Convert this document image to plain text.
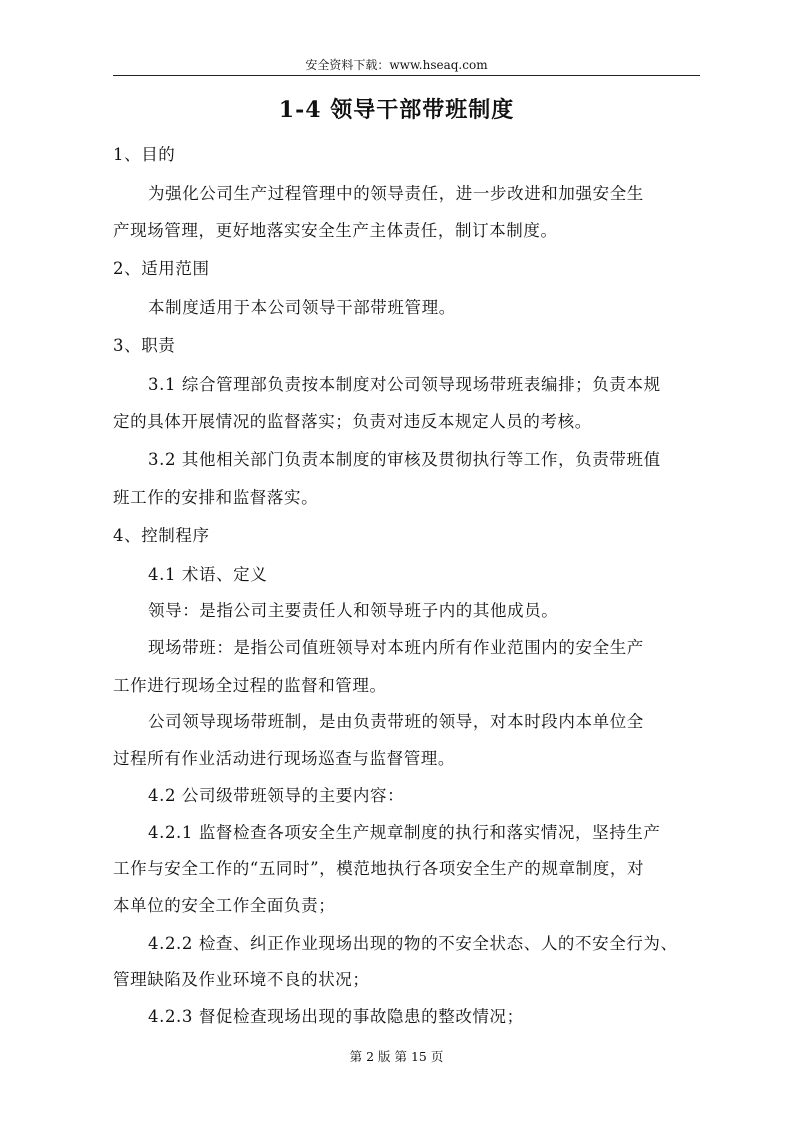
安全资料下载：www.hseaq.com
1-4 领导干部带班制度
1、目的
为强化公司生产过程管理中的领导责任，进一步改进和加强安全生
产现场管理，更好地落实安全生产主体责任，制订本制度。
2、适用范围
本制度适用于本公司领导干部带班管理。
3、职责
3.1 综合管理部负责按本制度对公司领导现场带班表编排；负责本规
定的具体开展情况的监督落实；负责对违反本规定人员的考核。
3.2 其他相关部门负责本制度的审核及贯彻执行等工作，负责带班值
班工作的安排和监督落实。
4、控制程序
4.1 术语、定义
领导：是指公司主要责任人和领导班子内的其他成员。
现场带班：是指公司值班领导对本班内所有作业范围内的安全生产
工作进行现场全过程的监督和管理。
公司领导现场带班制，是由负责带班的领导，对本时段内本单位全
过程所有作业活动进行现场巡查与监督管理。
4.2 公司级带班领导的主要内容：
4.2.1 监督检查各项安全生产规章制度的执行和落实情况，坚持生产
工作与安全工作的“五同时”，模范地执行各项安全生产的规章制度，对
本单位的安全工作全面负责；
4.2.2 检查、纠正作业现场出现的物的不安全状态、人的不安全行为、
管理缺陷及作业环境不良的状况；
4.2.3 督促检查现场出现的事故隐患的整改情况；
第 2 版 第 15 页
